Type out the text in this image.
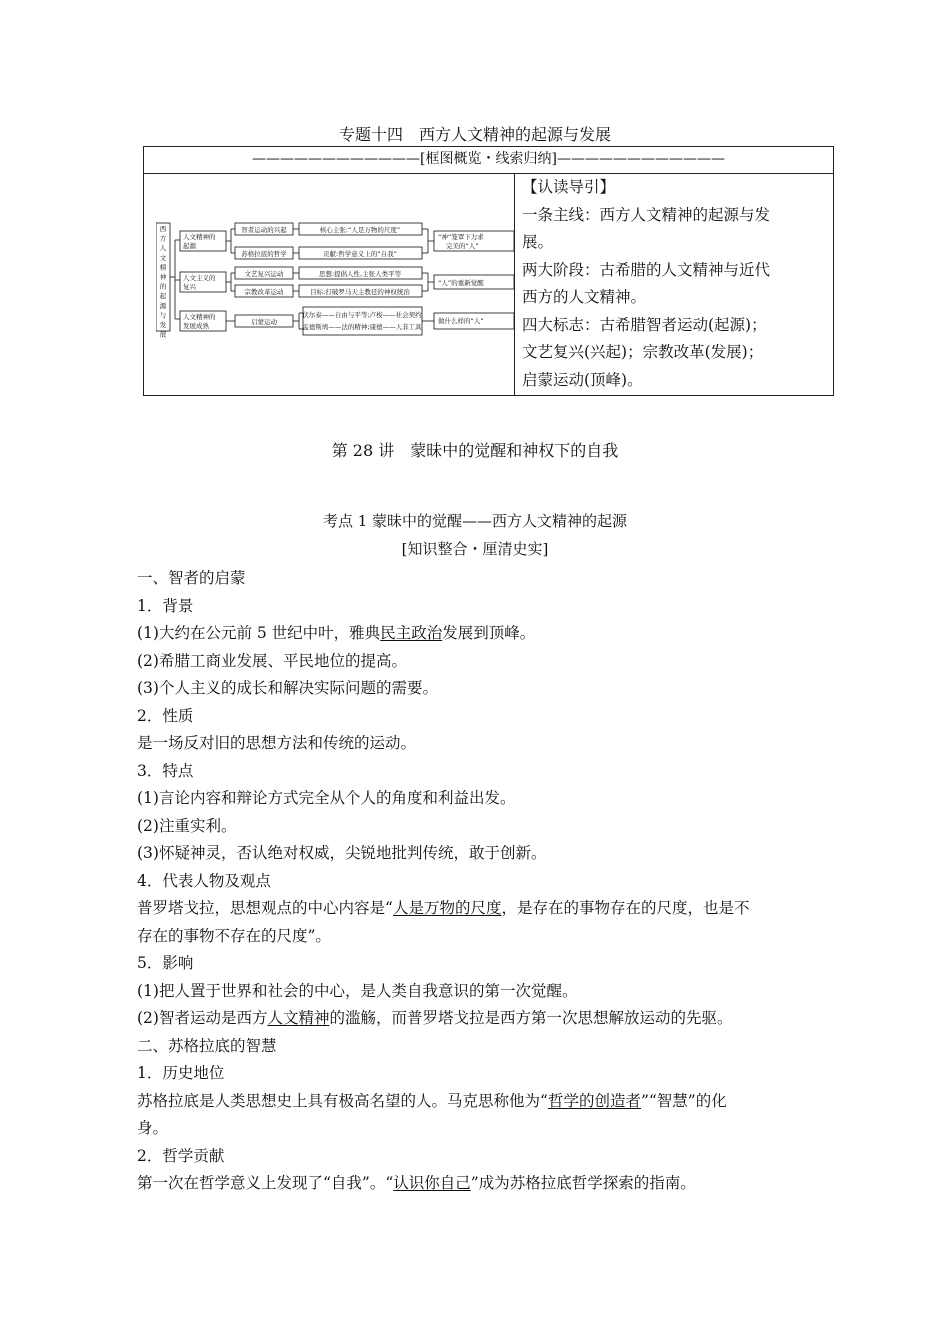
专题十四　西方人文精神的起源与发展
————————————[框图概览・线索归纳]————————————
西
方
人
文
精
神
的
起
源
与
发
展
人文精神的
起源
智者运动的兴起	核心主张:“人是万物的尺度”
苏格拉底的哲学	贡献:哲学意义上的“自我”
“神”笼罩下力求
完美的“人”
人文主义的
复兴
文艺复兴运动	思想:提倡人性,主张人类平等
宗教改革运动	目标:打破罗马天主教廷的神权统治
“人”的重新觉醒
人文精神的
发展成熟	启蒙运动
伏尔泰——自由与平等;卢梭——社会契约
孟德斯鸠——法的精神;康德——人非工具
做什么样的“人”
【认读导引】
一条主线：西方人文精神的起源与发
展。
两大阶段：古希腊的人文精神与近代
西方的人文精神。
四大标志：古希腊智者运动(起源)；
文艺复兴(兴起)；宗教改革(发展)；
启蒙运动(顶峰)。
第 28 讲　蒙昧中的觉醒和神权下的自我
考点 1 蒙昧中的觉醒——西方人文精神的起源
[知识整合・厘清史实]
一、智者的启蒙
1．背景
(1)大约在公元前 5 世纪中叶，雅典民主政治发展到顶峰。
(2)希腊工商业发展、平民地位的提高。
(3)个人主义的成长和解决实际问题的需要。
2．性质
是一场反对旧的思想方法和传统的运动。
3．特点
(1)言论内容和辩论方式完全从个人的角度和利益出发。
(2)注重实利。
(3)怀疑神灵，否认绝对权威，尖锐地批判传统，敢于创新。
4．代表人物及观点
普罗塔戈拉，思想观点的中心内容是“人是万物的尺度，是存在的事物存在的尺度，也是不
存在的事物不存在的尺度”。
5．影响
(1)把人置于世界和社会的中心，是人类自我意识的第一次觉醒。
(2)智者运动是西方人文精神的滥觞，而普罗塔戈拉是西方第一次思想解放运动的先驱。
二、苏格拉底的智慧
1．历史地位
苏格拉底是人类思想史上具有极高名望的人。马克思称他为“哲学的创造者”“智慧”的化
身。
2．哲学贡献
第一次在哲学意义上发现了“自我”。“认识你自己”成为苏格拉底哲学探索的指南。
